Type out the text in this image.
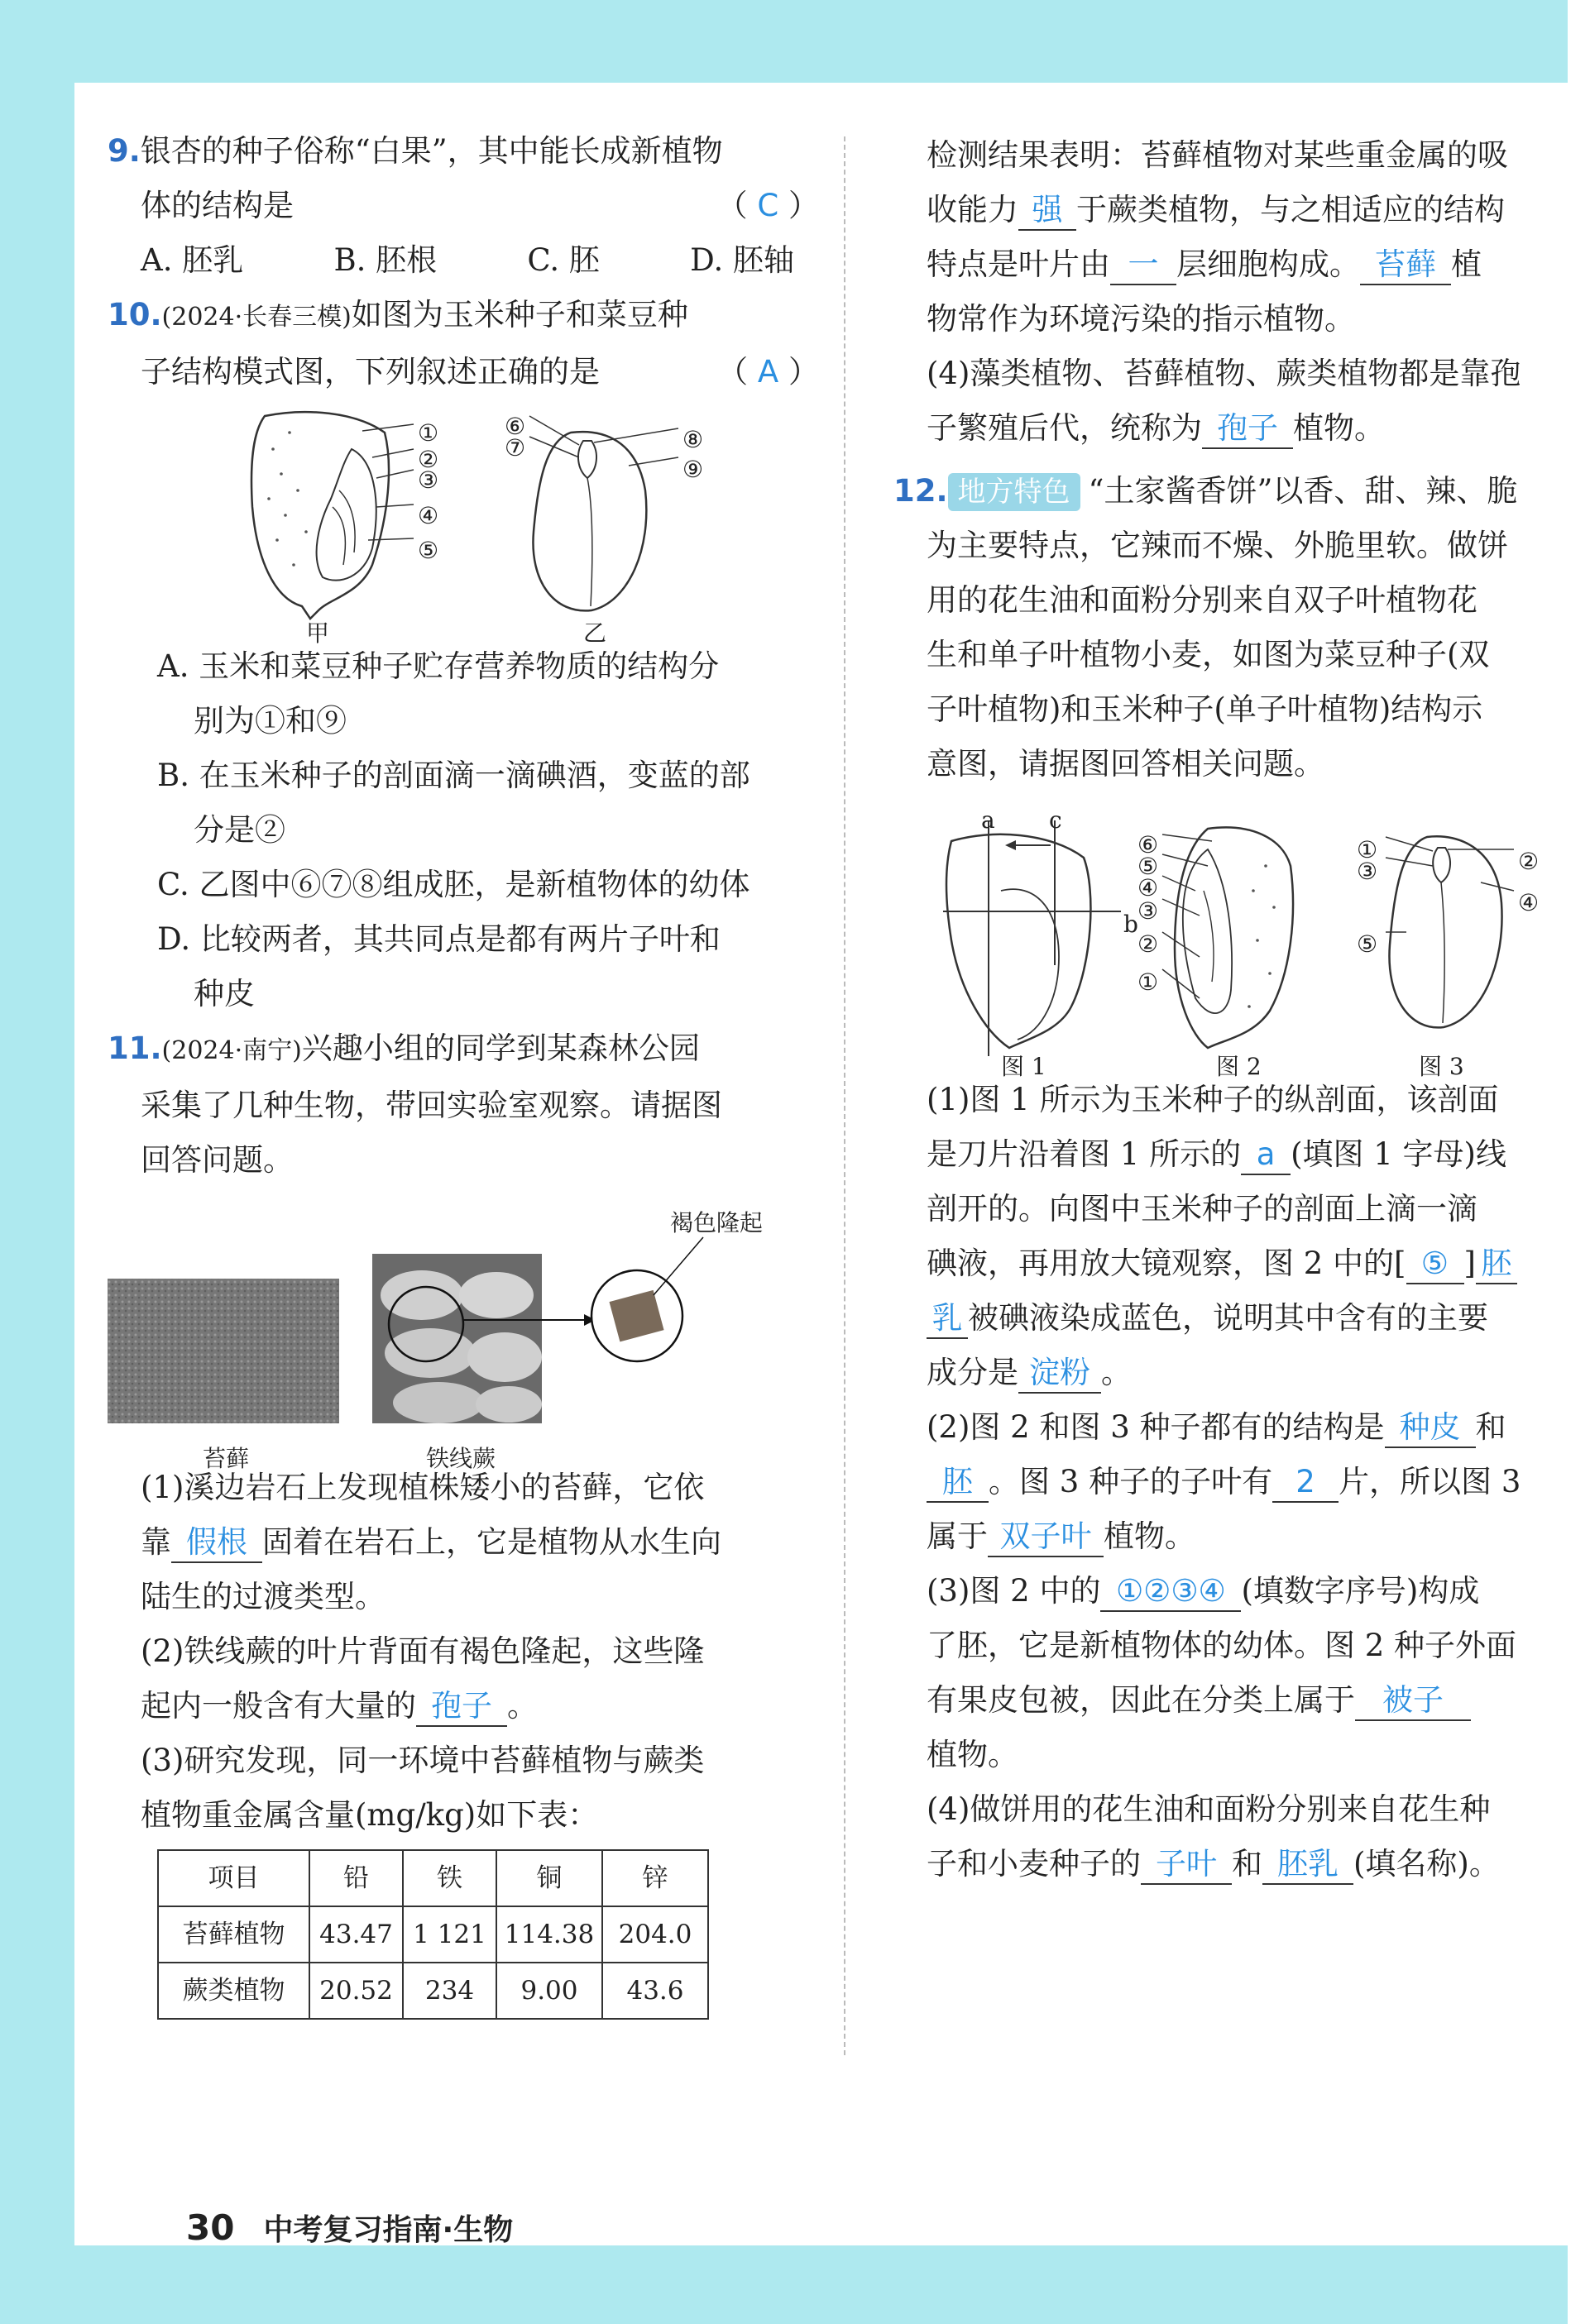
9.银杏的种子俗称“白果”，其中能长成新植物

体的结构是	（ C ）

A. 胚乳	B. 胚根	C. 胚	D. 胚轴

10.(2024·长春三模)如图为玉米种子和菜豆种

子结构模式图，下列叙述正确的是	（ A ）

①
②
③
④
⑤
⑥
⑦	⑧
⑨
甲	乙

A. 玉米和菜豆种子贮存营养物质的结构分

别为①和⑨

B. 在玉米种子的剖面滴一滴碘酒，变蓝的部

分是②

C. 乙图中⑥⑦⑧组成胚，是新植物体的幼体

D. 比较两者，其共同点是都有两片子叶和

种皮

11.(2024·南宁)兴趣小组的同学到某森林公园

采集了几种生物，带回实验室观察。请据图

回答问题。

褐色隆起
苔藓	铁线蕨

(1)溪边岩石上发现植株矮小的苔藓，它依

靠 假根 固着在岩石上，它是植物从水生向

陆生的过渡类型。

(2)铁线蕨的叶片背面有褐色隆起，这些隆

起内一般含有大量的 孢子 。

(3)研究发现，同一环境中苔藓植物与蕨类

植物重金属含量(mg/kg)如下表：

项目	铅	铁	铜	锌
苔藓植物	43.47	1 121	114.38	204.0
蕨类植物	20.52	234	9.00	43.6

检测结果表明：苔藓植物对某些重金属的吸

收能力 强 于蕨类植物，与之相适应的结构

特点是叶片由 一 层细胞构成。 苔藓 植

物常作为环境污染的指示植物。

(4)藻类植物、苔藓植物、蕨类植物都是靠孢

子繁殖后代，统称为 孢子 植物。

12. 地方特色 “土家酱香饼”以香、甜、辣、脆

为主要特点，它辣而不燥、外脆里软。做饼

用的花生油和面粉分别来自双子叶植物花

生和单子叶植物小麦，如图为菜豆种子(双

子叶植物)和玉米种子(单子叶植物)结构示

意图，请据图回答相关问题。

a c
b
⑥
⑤
④
③
②
①
①
③	②
④
⑤
图 1	图 2	图 3

(1)图 1 所示为玉米种子的纵剖面，该剖面

是刀片沿着图 1 所示的 a (填图 1 字母)线

剖开的。向图中玉米种子的剖面上滴一滴

碘液，再用放大镜观察，图 2 中的[ ⑤ ] 胚

乳 被碘液染成蓝色，说明其中含有的主要

成分是 淀粉 。

(2)图 2 和图 3 种子都有的结构是 种皮 和

胚 。图 3 种子的子叶有 2 片，所以图 3

属于 双子叶 植物。

(3)图 2 中的 ①②③④ (填数字序号)构成

了胚，它是新植物体的幼体。图 2 种子外面

有果皮包被，因此在分类上属于 被子

植物。

(4)做饼用的花生油和面粉分别来自花生种

子和小麦种子的 子叶 和 胚乳 (填名称)。

30 中考复习指南·生物
